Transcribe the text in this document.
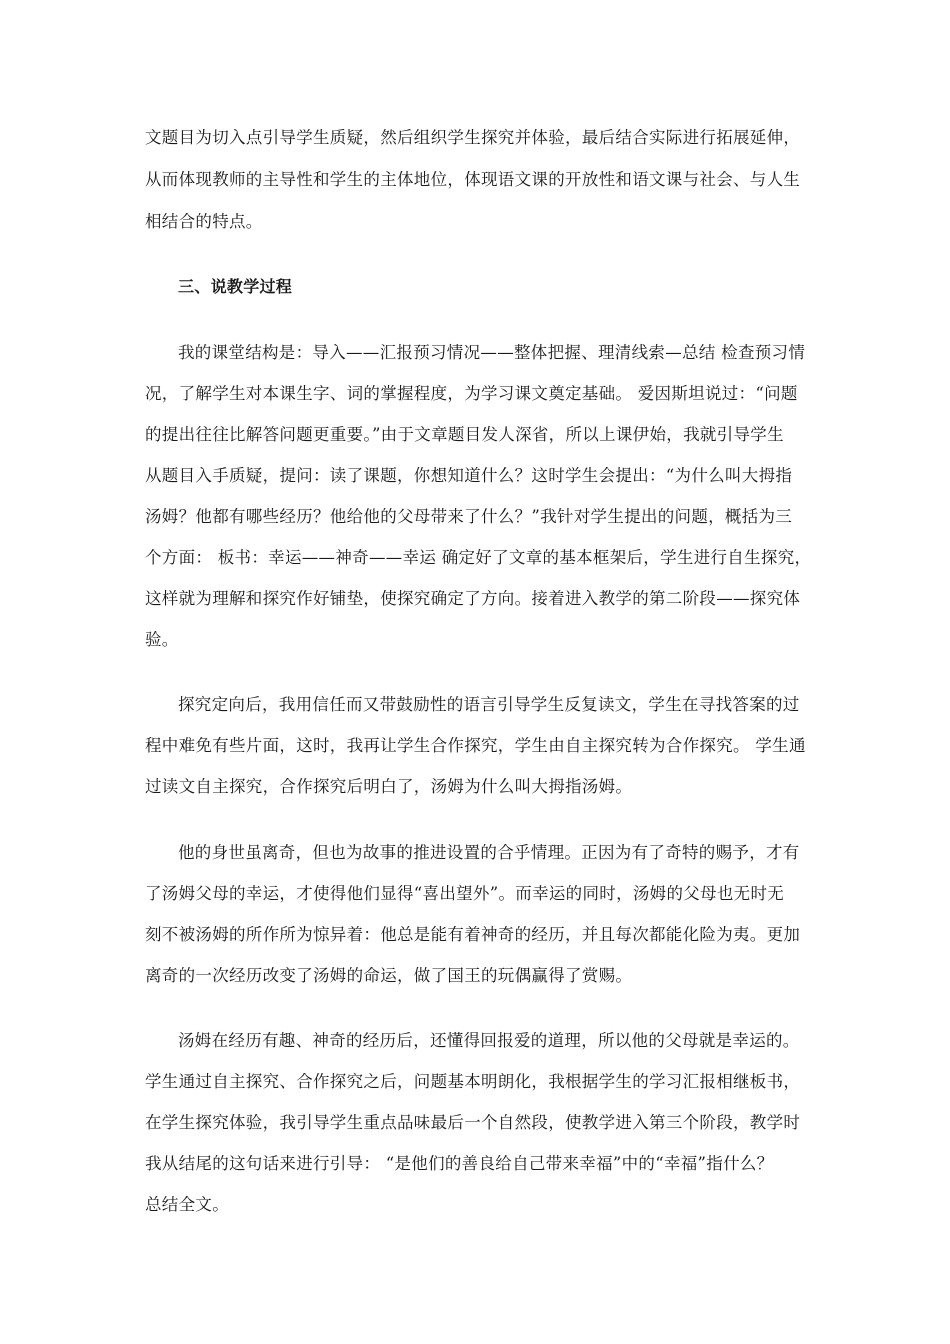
文题目为切入点引导学生质疑，然后组织学生探究并体验，最后结合实际进行拓展延伸，
从而体现教师的主导性和学生的主体地位，体现语文课的开放性和语文课与社会、与人生
相结合的特点。
三、说教学过程
我的课堂结构是：导入——汇报预习情况——整体把握、理清线索—总结 检查预习情
况，了解学生对本课生字、词的掌握程度，为学习课文奠定基础。 爱因斯坦说过：“问题
的提出往往比解答问题更重要。”由于文章题目发人深省，所以上课伊始，我就引导学生
从题目入手质疑，提问：读了课题，你想知道什么？这时学生会提出：“为什么叫大拇指
汤姆？他都有哪些经历？他给他的父母带来了什么？”我针对学生提出的问题，概括为三
个方面： 板书：幸运——神奇——幸运 确定好了文章的基本框架后，学生进行自生探究，
这样就为理解和探究作好铺垫，使探究确定了方向。接着进入教学的第二阶段——探究体
验。
探究定向后，我用信任而又带鼓励性的语言引导学生反复读文，学生在寻找答案的过
程中难免有些片面，这时，我再让学生合作探究，学生由自主探究转为合作探究。 学生通
过读文自主探究，合作探究后明白了，汤姆为什么叫大拇指汤姆。
他的身世虽离奇，但也为故事的推进设置的合乎情理。正因为有了奇特的赐予，才有
了汤姆父母的幸运，才使得他们显得“喜出望外”。而幸运的同时，汤姆的父母也无时无
刻不被汤姆的所作所为惊异着：他总是能有着神奇的经历，并且每次都能化险为夷。更加
离奇的一次经历改变了汤姆的命运，做了国王的玩偶赢得了赏赐。
汤姆在经历有趣、神奇的经历后，还懂得回报爱的道理，所以他的父母就是幸运的。
学生通过自主探究、合作探究之后，问题基本明朗化，我根据学生的学习汇报相继板书，
在学生探究体验，我引导学生重点品味最后一个自然段，使教学进入第三个阶段，教学时
我从结尾的这句话来进行引导： “是他们的善良给自己带来幸福”中的“幸福”指什么？
总结全文。
